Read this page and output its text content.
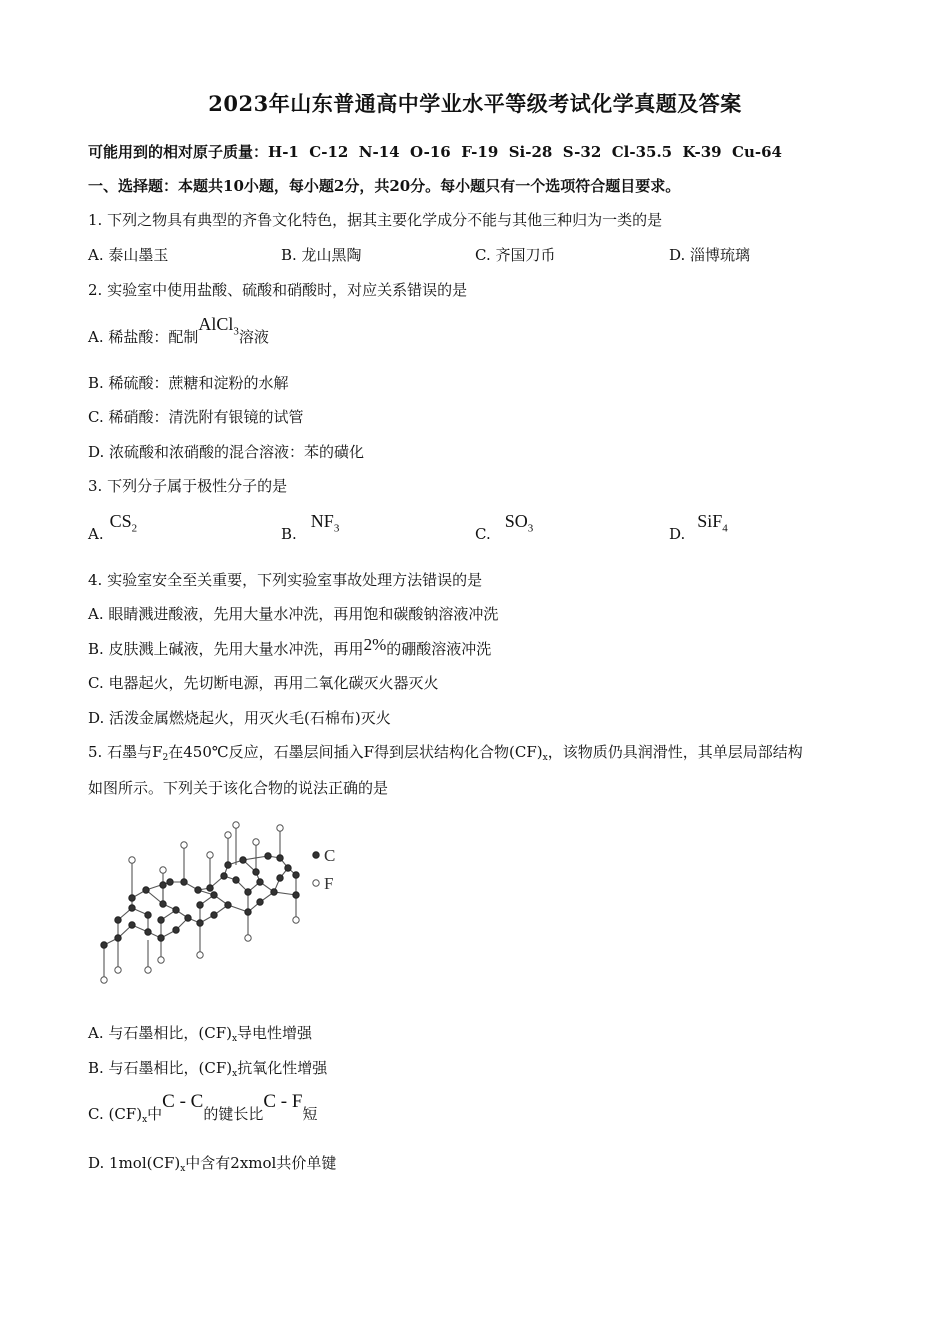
2023年山东普通高中学业水平等级考试化学真题及答案
可能用到的相对原子质量：H-1  C-12  N-14  O-16  F-19  Si-28  S-32  Cl-35.5  K-39  Cu-64
一、选择题：本题共10小题，每小题2分，共20分。每小题只有一个选项符合题目要求。
1. 下列之物具有典型的齐鲁文化特色，据其主要化学成分不能与其他三种归为一类的是
A. 泰山墨玉	B. 龙山黑陶	C. 齐国刀币	D. 淄博琉璃
2. 实验室中使用盐酸、硫酸和硝酸时，对应关系错误的是
A. 稀盐酸：配制AlCl$_3$溶液
B. 稀硫酸：蔗糖和淀粉的水解
C. 稀硝酸：清洗附有银镜的试管
D. 浓硫酸和浓硝酸的混合溶液：苯的磺化
3. 下列分子属于极性分子的是
$A.CS_2$	$B.NF_3$	$C.SO_3$	D.SiF$_4$
4. 实验室安全至关重要，下列实验室事故处理方法错误的是
A. 眼睛溅进酸液，先用大量水冲洗，再用饱和碳酸钠溶液冲洗
B. 皮肤溅上碱液，先用大量水冲洗，再用2%的硼酸溶液冲洗
C. 电器起火，先切断电源，再用二氧化碳灭火器灭火
D. 活泼金属燃烧起火，用灭火毛(石棉布)灭火
5. 石墨与$F_2$在450℃反应，石墨层间插入F得到层状结构化合物$(CF)_x$，该物质仍具润滑性，其单层局部结构
如图所示。下列关于该化合物的说法正确的是
C
F
A. 与石墨相比，$(CF)_x$导电性增强
B. 与石墨相比，$(CF)_x$抗氧化性增强
C. $(CF)_x$中C - C的键长比C - F短
D. $1mol(CF)_x$中含有2xmol共价单键
